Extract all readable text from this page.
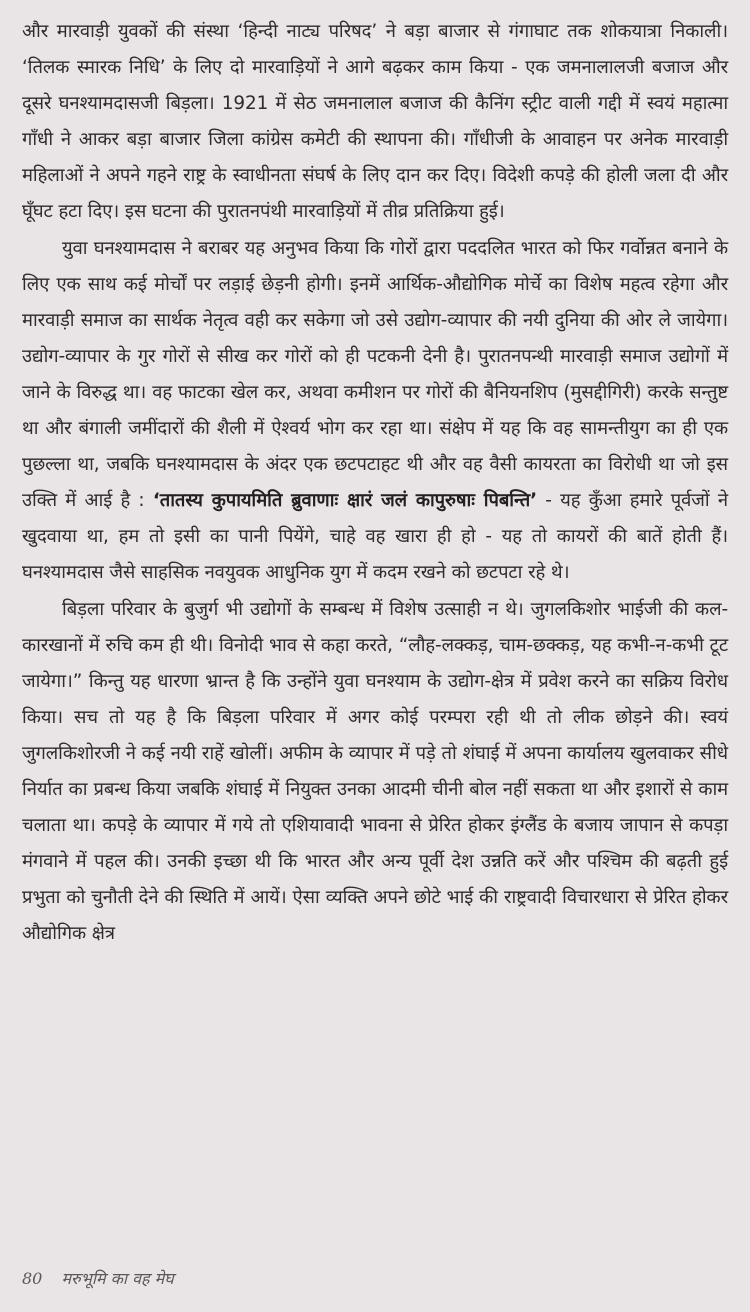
और मारवाड़ी युवकों की संस्था ‘हिन्दी नाट्य परिषद’ ने बड़ा बाजार से गंगाघाट तक शोकयात्रा निकाली। ‘तिलक स्मारक निधि’ के लिए दो मारवाड़ियों ने आगे बढ़कर काम किया - एक जमनालालजी बजाज और दूसरे घनश्यामदासजी बिड़ला। 1921 में सेठ जमनालाल बजाज की कैनिंग स्ट्रीट वाली गद्दी में स्वयं महात्मा गाँधी ने आकर बड़ा बाजार जिला कांग्रेस कमेटी की स्थापना की। गाँधीजी के आवाहन पर अनेक मारवाड़ी महिलाओं ने अपने गहने राष्ट्र के स्वाधीनता संघर्ष के लिए दान कर दिए। विदेशी कपड़े की होली जला दी और घूँघट हटा दिए। इस घटना की पुरातनपंथी मारवाड़ियों में तीव्र प्रतिक्रिया हुई।

युवा घनश्यामदास ने बराबर यह अनुभव किया कि गोरों द्वारा पददलित भारत को फिर गर्वोन्नत बनाने के लिए एक साथ कई मोर्चों पर लड़ाई छेड़नी होगी। इनमें आर्थिक-औद्योगिक मोर्चे का विशेष महत्व रहेगा और मारवाड़ी समाज का सार्थक नेतृत्व वही कर सकेगा जो उसे उद्योग-व्यापार की नयी दुनिया की ओर ले जायेगा। उद्योग-व्यापार के गुर गोरों से सीख कर गोरों को ही पटकनी देनी है। पुरातनपन्थी मारवाड़ी समाज उद्योगों में जाने के विरुद्ध था। वह फाटका खेल कर, अथवा कमीशन पर गोरों की बैनियनशिप (मुसद्दीगिरी) करके सन्तुष्ट था और बंगाली जमींदारों की शैली में ऐश्वर्य भोग कर रहा था। संक्षेप में यह कि वह सामन्तीयुग का ही एक पुछल्ला था, जबकि घनश्यामदास के अंदर एक छटपटाहट थी और वह वैसी कायरता का विरोधी था जो इस उक्ति में आई है : ‘तातस्य कुपायमिति ब्रुवाणाः क्षारं जलं कापुरुषाः पिबन्ति’ - यह कुँआ हमारे पूर्वजों ने खुदवाया था, हम तो इसी का पानी पियेंगे, चाहे वह खारा ही हो - यह तो कायरों की बातें होती हैं। घनश्यामदास जैसे साहसिक नवयुवक आधुनिक युग में कदम रखने को छटपटा रहे थे।

बिड़ला परिवार के बुजुर्ग भी उद्योगों के सम्बन्ध में विशेष उत्साही न थे। जुगलकिशोर भाईजी की कल-कारखानों में रुचि कम ही थी। विनोदी भाव से कहा करते, “लौह-लक्कड़, चाम-छक्कड़, यह कभी-न-कभी टूट जायेगा।” किन्तु यह धारणा भ्रान्त है कि उन्होंने युवा घनश्याम के उद्योग-क्षेत्र में प्रवेश करने का सक्रिय विरोध किया। सच तो यह है कि बिड़ला परिवार में अगर कोई परम्परा रही थी तो लीक छोड़ने की। स्वयं जुगलकिशोरजी ने कई नयी राहें खोलीं। अफीम के व्यापार में पड़े तो शंघाई में अपना कार्यालय खुलवाकर सीधे निर्यात का प्रबन्ध किया जबकि शंघाई में नियुक्त उनका आदमी चीनी बोल नहीं सकता था और इशारों से काम चलाता था। कपड़े के व्यापार में गये तो एशियावादी भावना से प्रेरित होकर इंग्लैंड के बजाय जापान से कपड़ा मंगवाने में पहल की। उनकी इच्छा थी कि भारत और अन्य पूर्वी देश उन्नति करें और पश्चिम की बढ़ती हुई प्रभुता को चुनौती देने की स्थिति में आयें। ऐसा व्यक्ति अपने छोटे भाई की राष्ट्रवादी विचारधारा से प्रेरित होकर औद्योगिक क्षेत्र

80 मरुभूमि का वह मेघ
